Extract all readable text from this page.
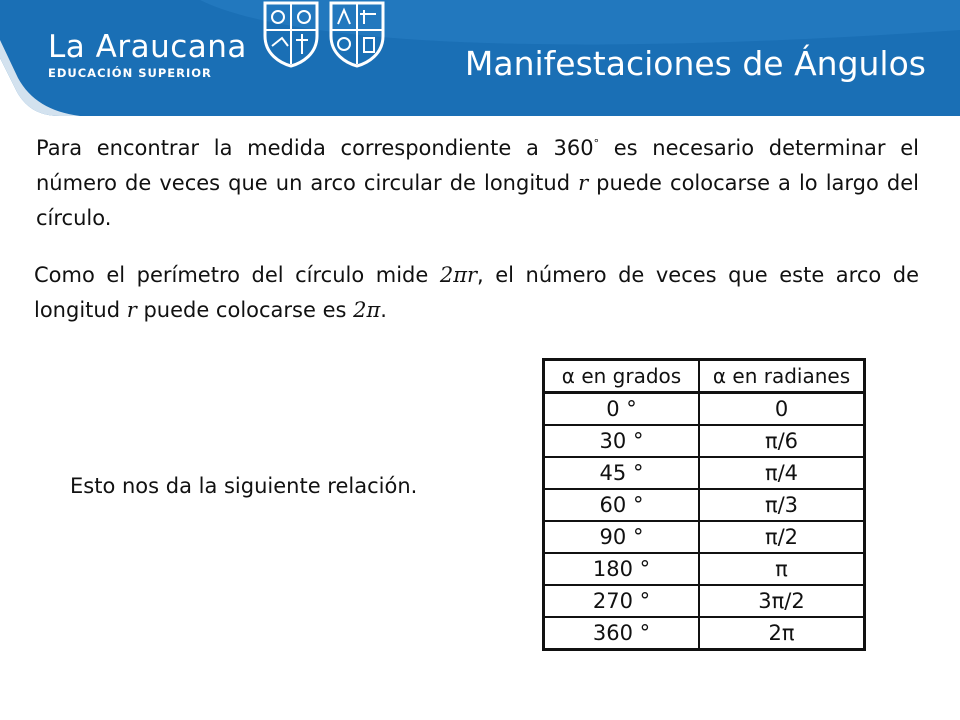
La Araucana
EDUCACIÓN SUPERIOR	Manifestaciones de Ángulos
Para encontrar la medida correspondiente a 360° es necesario determinar el número de veces que un arco circular de longitud r puede colocarse a lo largo del círculo.
Como el perímetro del círculo mide 2πr, el número de veces que este arco de longitud r puede colocarse es 2π.
Esto nos da la siguiente relación.
α en grados	α en radianes
0 °	0
30 °	π/6
45 °	π/4
60 °	π/3
90 °	π/2
180 °	π
270 °	3π/2
360 °	2π
